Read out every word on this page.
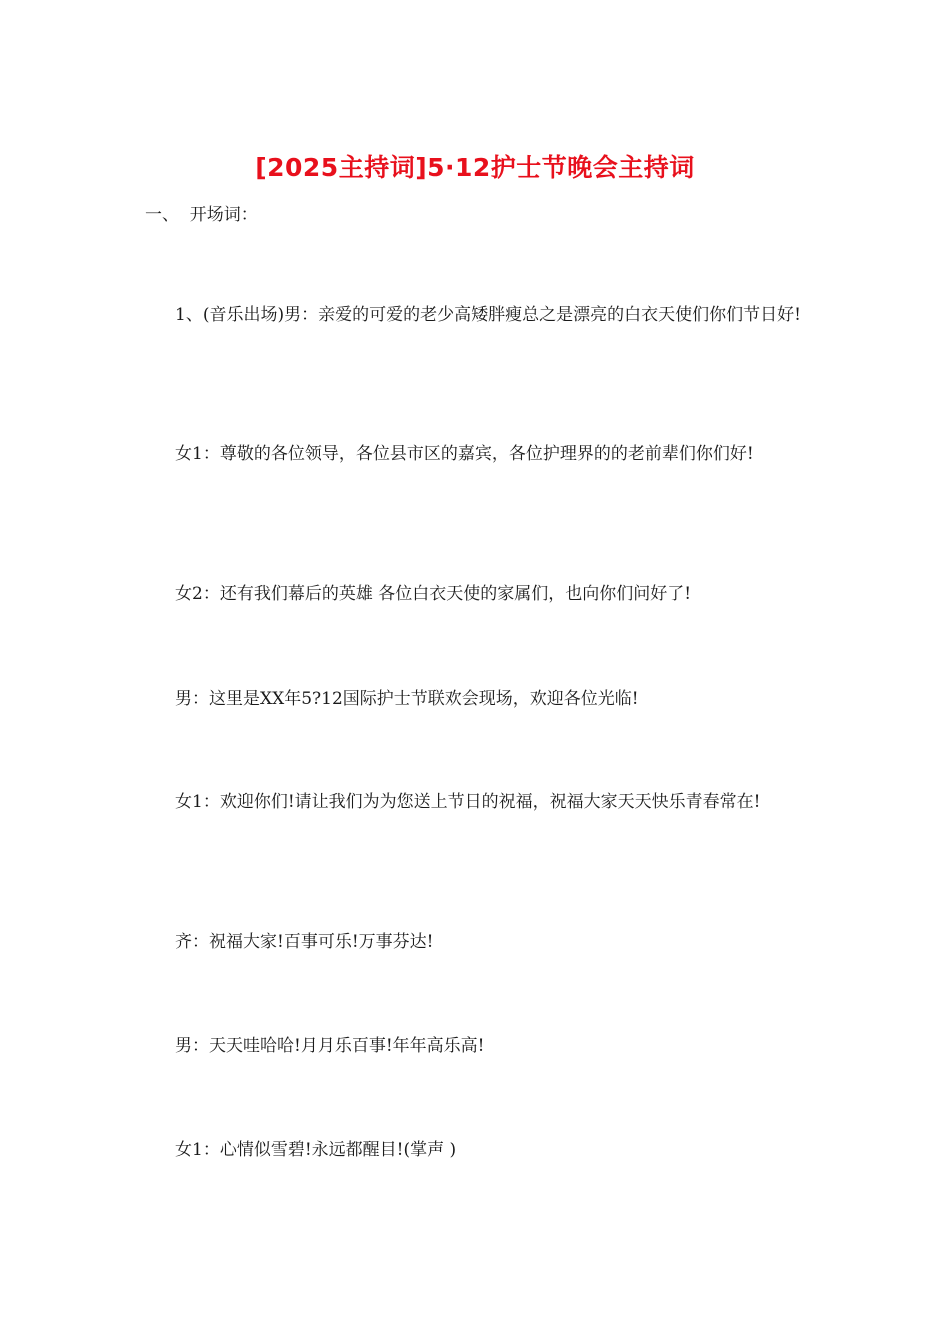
[2025主持词]5·12护士节晚会主持词
一、  开场词：

1、(音乐出场)男：亲爱的可爱的老少高矮胖瘦总之是漂亮的白衣天使们你们节日好!

女1：尊敬的各位领导，各位县市区的嘉宾，各位护理界的的老前辈们你们好!

女2：还有我们幕后的英雄 各位白衣天使的家属们，也向你们问好了!

男：这里是XX年5?12国际护士节联欢会现场，欢迎各位光临!

女1：欢迎你们!请让我们为为您送上节日的祝福，祝福大家天天快乐青春常在!

齐：祝福大家!百事可乐!万事芬达!

男：天天哇哈哈!月月乐百事!年年高乐高!

女1：心情似雪碧!永远都醒目!(掌声 )
